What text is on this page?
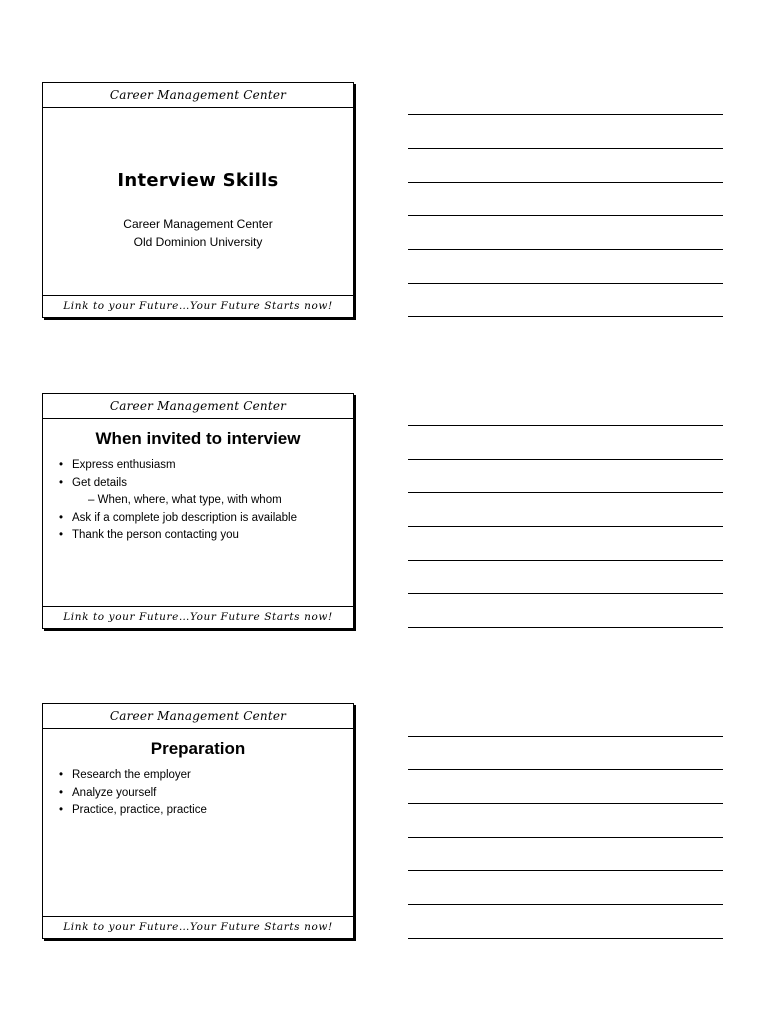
Career Management Center
Interview Skills
Career Management Center
Old Dominion University
Link to your Future…Your Future Starts now!
Career Management Center
When invited to interview
• Express enthusiasm
• Get details
– When, where, what type, with whom
• Ask if a complete job description is available
• Thank the person contacting you
Link to your Future…Your Future Starts now!
Career Management Center
Preparation
• Research the employer
• Analyze yourself
• Practice, practice, practice
Link to your Future…Your Future Starts now!
